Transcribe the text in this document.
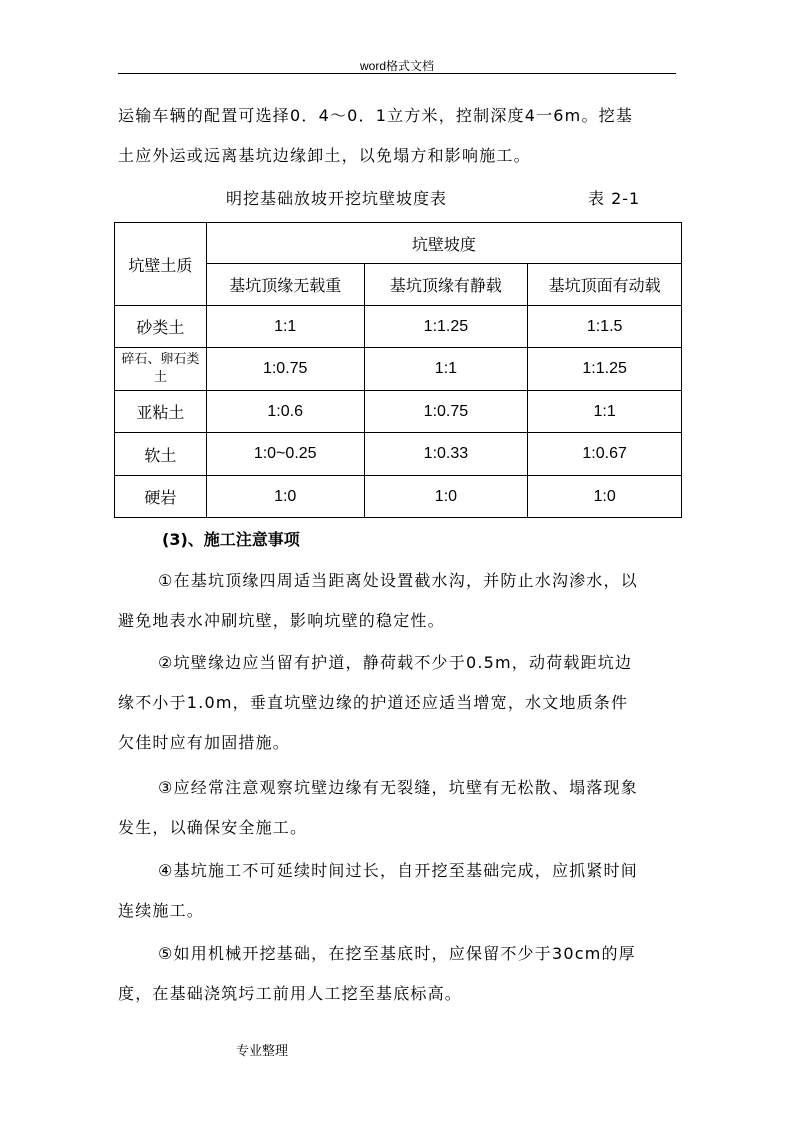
word格式文档
运输车辆的配置可选择0．4～0．1立方米，控制深度4一6m。挖基
土应外运或远离基坑边缘卸土，以免塌方和影响施工。
明挖基础放坡开挖坑壁坡度表	表 2-1
坑壁土质	坑壁坡度		
	基坑顶缘无载重	基坑顶缘有静载	基坑顶面有动载
砂类土	1:1	1:1.25	1:1.5
碎石、卵石类土	1:0.75	1:1	1:1.25
亚粘土	1:0.6	1:0.75	1:1
软土	1:0~0.25	1:0.33	1:0.67
硬岩	1:0	1:0	1:0
(3)、施工注意事项
①在基坑顶缘四周适当距离处设置截水沟，并防止水沟渗水，以
避免地表水冲刷坑壁，影响坑壁的稳定性。
②坑壁缘边应当留有护道，静荷载不少于0.5m，动荷载距坑边
缘不小于1.0m，垂直坑壁边缘的护道还应适当增宽，水文地质条件
欠佳时应有加固措施。
③应经常注意观察坑壁边缘有无裂缝，坑壁有无松散、塌落现象
发生，以确保安全施工。
④基坑施工不可延续时间过长，自开挖至基础完成，应抓紧时间
连续施工。
⑤如用机械开挖基础，在挖至基底时，应保留不少于30cm的厚
度，在基础浇筑圬工前用人工挖至基底标高。
专业整理
